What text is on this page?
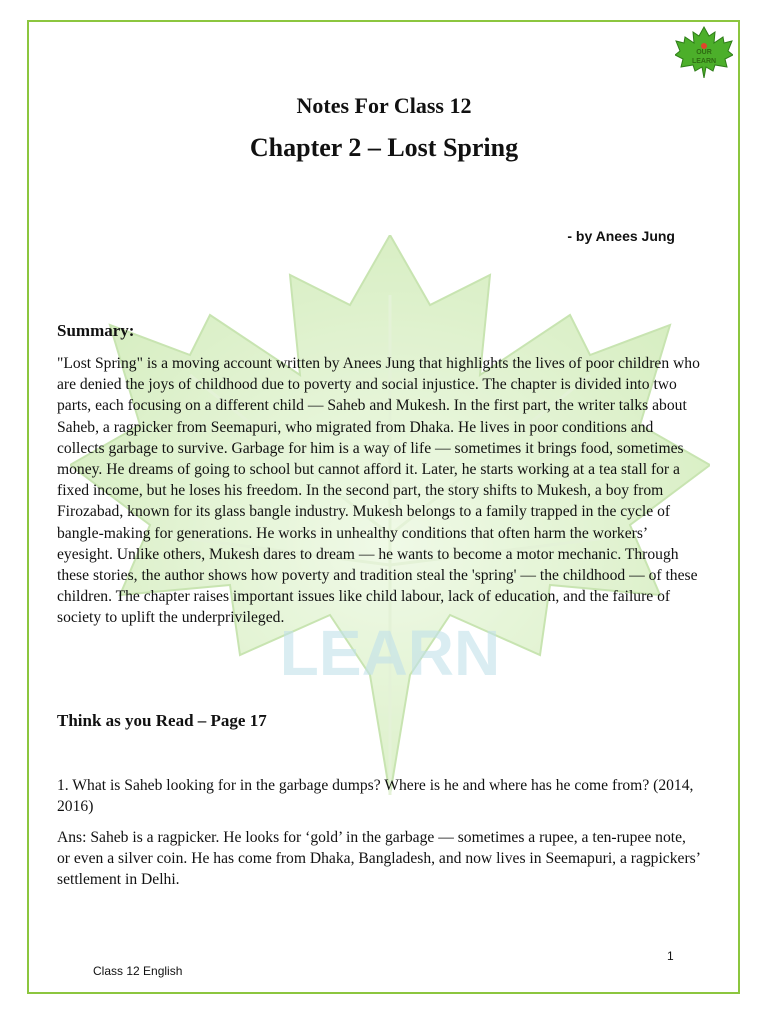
LEARN
OUR
LEARN
Notes For Class 12
Chapter 2 – Lost Spring
- by Anees Jung
Summary:

"Lost Spring" is a moving account written by Anees Jung that highlights the lives of poor children who are denied the joys of childhood due to poverty and social injustice. The chapter is divided into two parts, each focusing on a different child — Saheb and Mukesh. In the first part, the writer talks about Saheb, a ragpicker from Seemapuri, who migrated from Dhaka. He lives in poor conditions and collects garbage to survive. Garbage for him is a way of life — sometimes it brings food, sometimes money. He dreams of going to school but cannot afford it. Later, he starts working at a tea stall for a fixed income, but he loses his freedom. In the second part, the story shifts to Mukesh, a boy from Firozabad, known for its glass bangle industry. Mukesh belongs to a family trapped in the cycle of bangle-making for generations. He works in unhealthy conditions that often harm the workers’ eyesight. Unlike others, Mukesh dares to dream — he wants to become a motor mechanic. Through these stories, the author shows how poverty and tradition steal the 'spring' — the childhood — of these children. The chapter raises important issues like child labour, lack of education, and the failure of society to uplift the underprivileged.

Think as you Read – Page 17

1. What is Saheb looking for in the garbage dumps? Where is he and where has he come from? (2014, 2016)

Ans: Saheb is a ragpicker. He looks for ‘gold’ in the garbage — sometimes a rupee, a ten-rupee note, or even a silver coin. He has come from Dhaka, Bangladesh, and now lives in Seemapuri, a ragpickers’ settlement in Delhi.

1
Class 12 English
